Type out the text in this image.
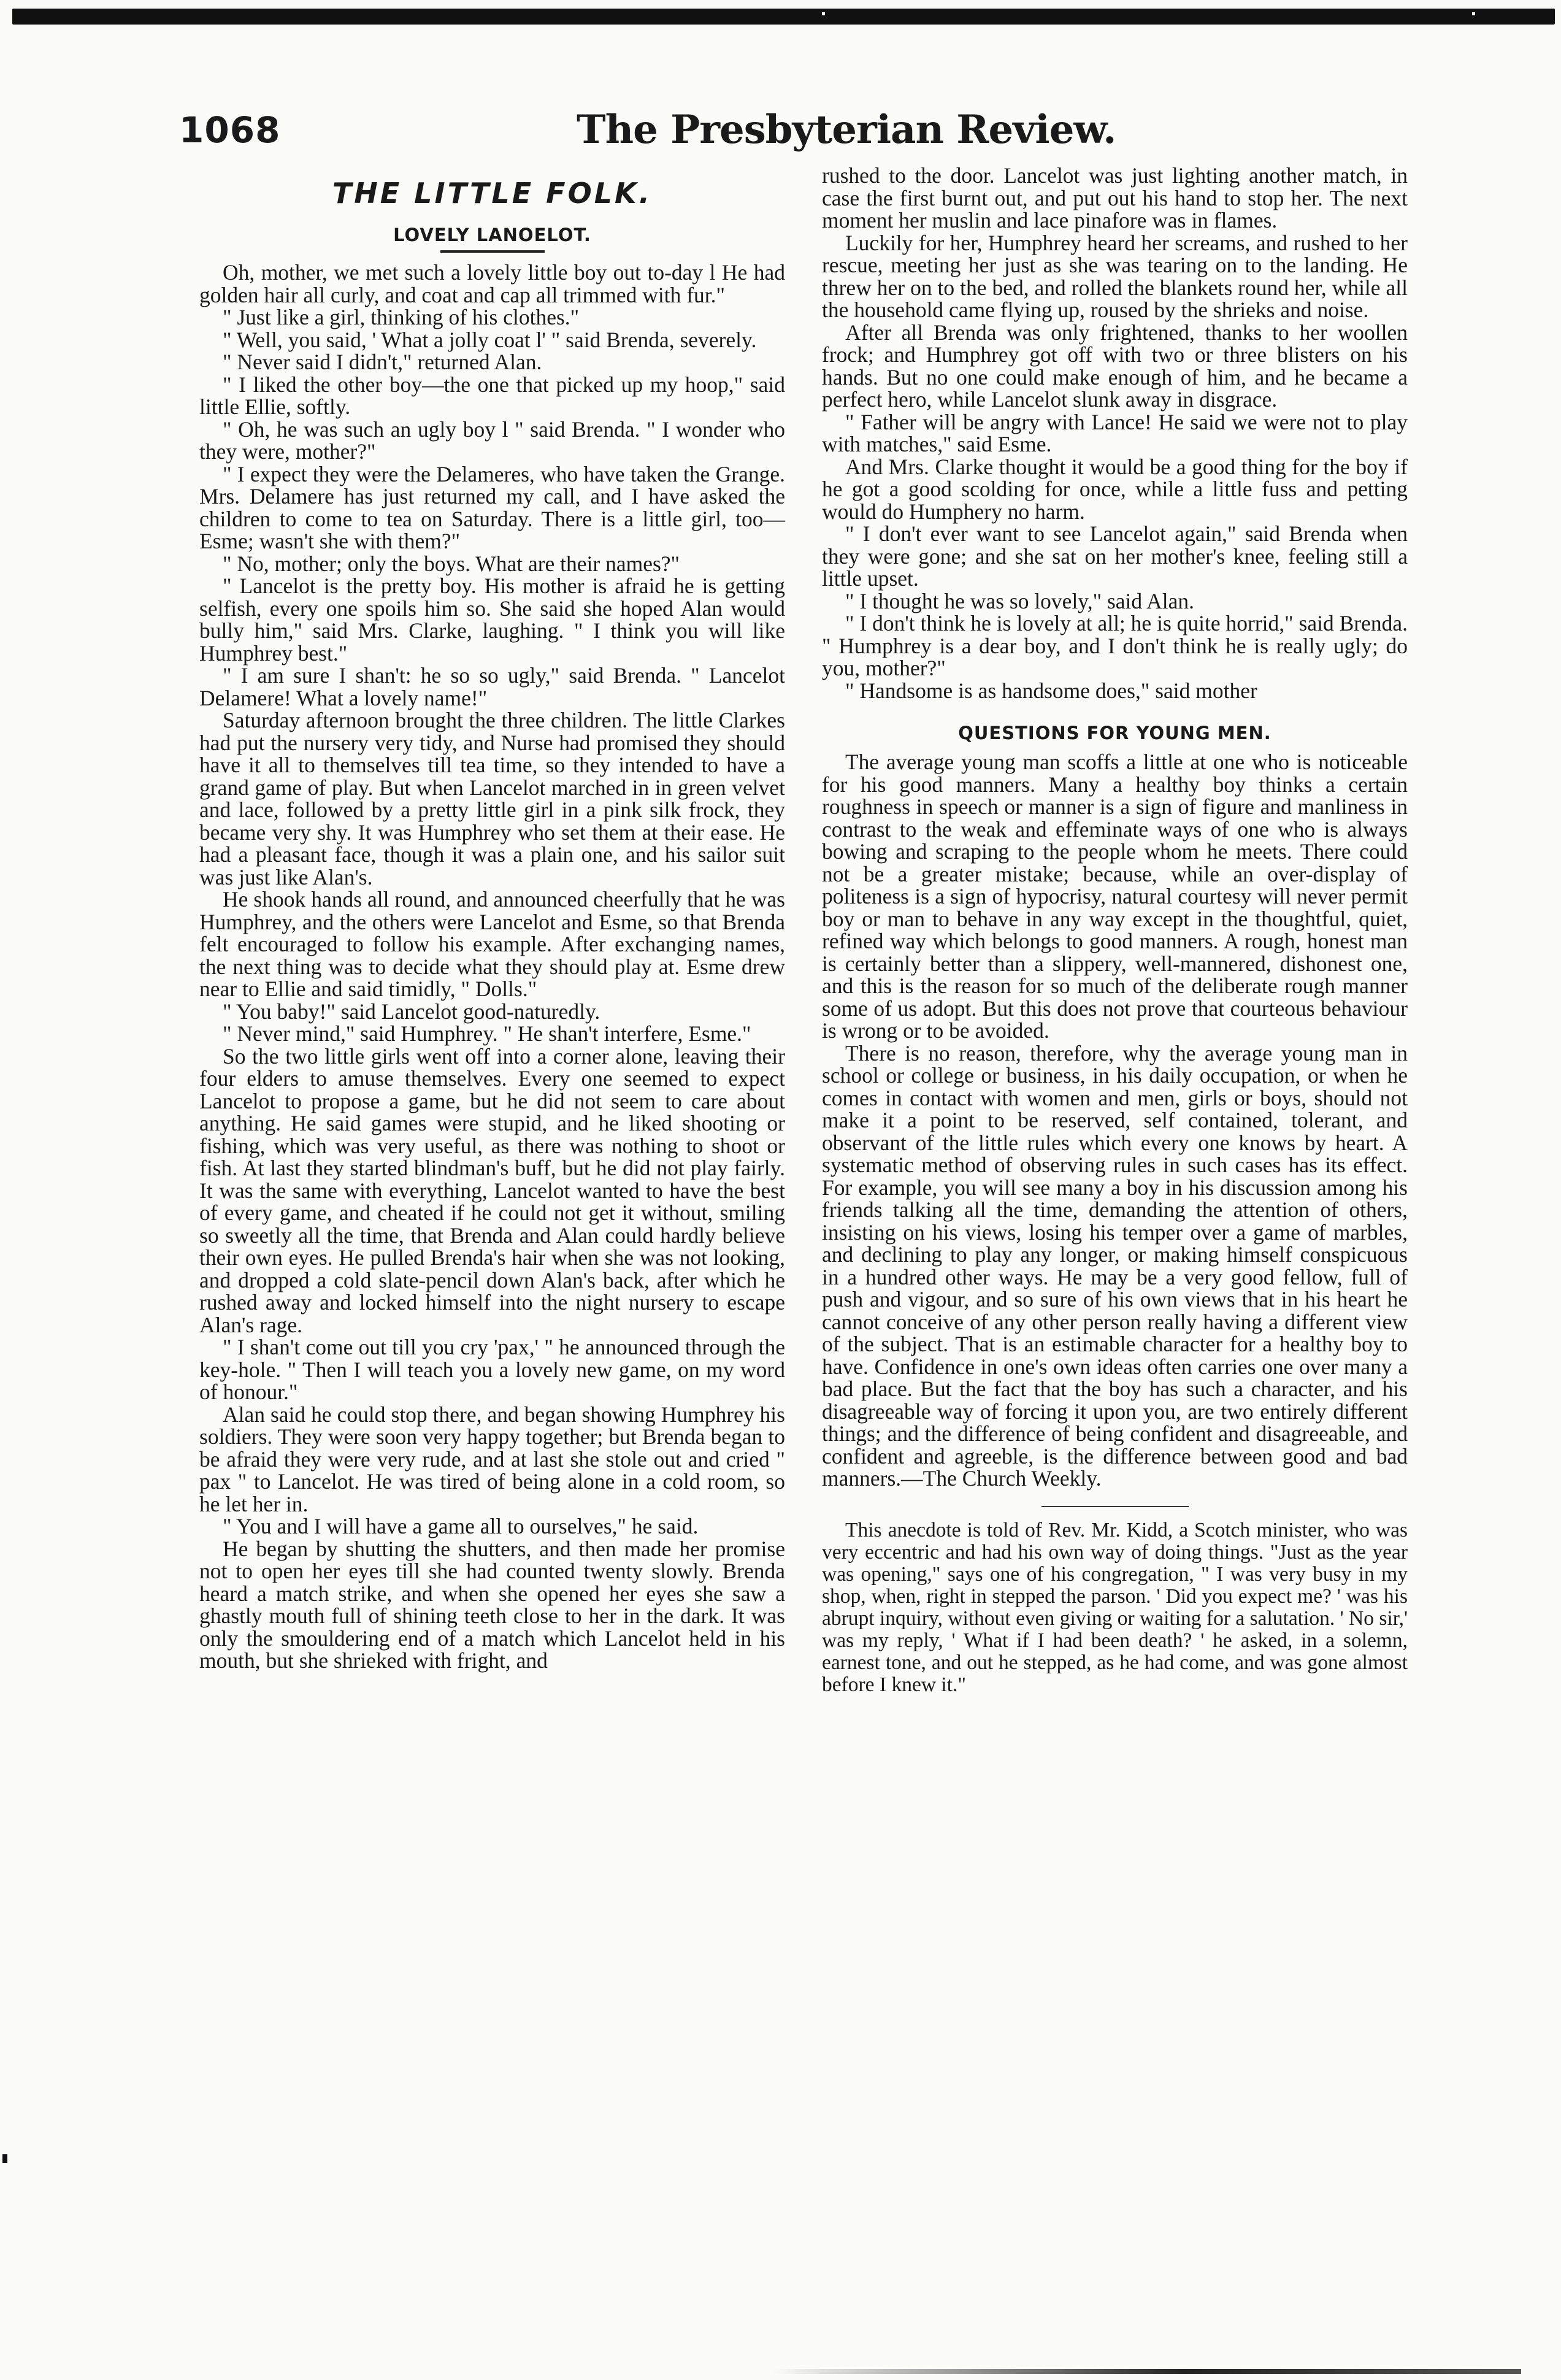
1068	The Presbyterian Review.
THE LITTLE FOLK.
LOVELY LANOELOT.

Oh, mother, we met such a lovely little boy out to-day l He had golden hair all curly, and coat and cap all trimmed with fur."

" Just like a girl, thinking of his clothes."

" Well, you said, ' What a jolly coat l' " said Brenda, severely.

" Never said I didn't," returned Alan.

" I liked the other boy—the one that picked up my hoop," said little Ellie, softly.

" Oh, he was such an ugly boy l " said Brenda. " I wonder who they were, mother?"

" I expect they were the Delameres, who have taken the Grange. Mrs. Delamere has just returned my call, and I have asked the children to come to tea on Saturday. There is a little girl, too—Esme; wasn't she with them?"

" No, mother; only the boys. What are their names?"

" Lancelot is the pretty boy. His mother is afraid he is getting selfish, every one spoils him so. She said she hoped Alan would bully him," said Mrs. Clarke, laughing. " I think you will like Humphrey best."

" I am sure I shan't: he so so ugly," said Brenda. " Lancelot Delamere! What a lovely name!"

Saturday afternoon brought the three children. The little Clarkes had put the nursery very tidy, and Nurse had promised they should have it all to themselves till tea time, so they intended to have a grand game of play. But when Lancelot marched in in green velvet and lace, followed by a pretty little girl in a pink silk frock, they became very shy. It was Humphrey who set them at their ease. He had a pleasant face, though it was a plain one, and his sailor suit was just like Alan's.

He shook hands all round, and announced cheerfully that he was Humphrey, and the others were Lancelot and Esme, so that Brenda felt encouraged to follow his example. After exchanging names, the next thing was to decide what they should play at. Esme drew near to Ellie and said timidly, " Dolls."

" You baby!" said Lancelot good-naturedly.

" Never mind," said Humphrey. " He shan't interfere, Esme."

So the two little girls went off into a corner alone, leaving their four elders to amuse themselves. Every one seemed to expect Lancelot to propose a game, but he did not seem to care about anything. He said games were stupid, and he liked shooting or fishing, which was very useful, as there was nothing to shoot or fish. At last they started blindman's buff, but he did not play fairly. It was the same with everything, Lancelot wanted to have the best of every game, and cheated if he could not get it without, smiling so sweetly all the time, that Brenda and Alan could hardly believe their own eyes. He pulled Brenda's hair when she was not looking, and dropped a cold slate-pencil down Alan's back, after which he rushed away and locked himself into the night nursery to escape Alan's rage.

" I shan't come out till you cry 'pax,' " he announced through the key-hole. " Then I will teach you a lovely new game, on my word of honour."

Alan said he could stop there, and began showing Humphrey his soldiers. They were soon very happy together; but Brenda began to be afraid they were very rude, and at last she stole out and cried " pax " to Lancelot. He was tired of being alone in a cold room, so he let her in.

" You and I will have a game all to ourselves," he said.

He began by shutting the shutters, and then made her promise not to open her eyes till she had counted twenty slowly. Brenda heard a match strike, and when she opened her eyes she saw a ghastly mouth full of shining teeth close to her in the dark. It was only the smouldering end of a match which Lancelot held in his mouth, but she shrieked with fright, and

rushed to the door. Lancelot was just lighting another match, in case the first burnt out, and put out his hand to stop her. The next moment her muslin and lace pinafore was in flames.

Luckily for her, Humphrey heard her screams, and rushed to her rescue, meeting her just as she was tearing on to the landing. He threw her on to the bed, and rolled the blankets round her, while all the household came flying up, roused by the shrieks and noise.

After all Brenda was only frightened, thanks to her woollen frock; and Humphrey got off with two or three blisters on his hands. But no one could make enough of him, and he became a perfect hero, while Lancelot slunk away in disgrace.

" Father will be angry with Lance! He said we were not to play with matches," said Esme.

And Mrs. Clarke thought it would be a good thing for the boy if he got a good scolding for once, while a little fuss and petting would do Humphery no harm.

" I don't ever want to see Lancelot again," said Brenda when they were gone; and she sat on her mother's knee, feeling still a little upset.

" I thought he was so lovely," said Alan.

" I don't think he is lovely at all; he is quite horrid," said Brenda. " Humphrey is a dear boy, and I don't think he is really ugly; do you, mother?"

" Handsome is as handsome does," said mother

QUESTIONS FOR YOUNG MEN.

The average young man scoffs a little at one who is noticeable for his good manners. Many a healthy boy thinks a certain roughness in speech or manner is a sign of figure and manliness in contrast to the weak and effeminate ways of one who is always bowing and scraping to the people whom he meets. There could not be a greater mistake; because, while an over-display of politeness is a sign of hypocrisy, natural courtesy will never permit boy or man to behave in any way except in the thoughtful, quiet, refined way which belongs to good manners. A rough, honest man is certainly better than a slippery, well-mannered, dishonest one, and this is the reason for so much of the deliberate rough manner some of us adopt. But this does not prove that courteous behaviour is wrong or to be avoided.

There is no reason, therefore, why the average young man in school or college or business, in his daily occupation, or when he comes in contact with women and men, girls or boys, should not make it a point to be reserved, self contained, tolerant, and observant of the little rules which every one knows by heart. A systematic method of observing rules in such cases has its effect. For example, you will see many a boy in his discussion among his friends talking all the time, demanding the attention of others, insisting on his views, losing his temper over a game of marbles, and declining to play any longer, or making himself conspicuous in a hundred other ways. He may be a very good fellow, full of push and vigour, and so sure of his own views that in his heart he cannot conceive of any other person really having a different view of the subject. That is an estimable character for a healthy boy to have. Confidence in one's own ideas often carries one over many a bad place. But the fact that the boy has such a character, and his disagreeable way of forcing it upon you, are two entirely different things; and the difference of being confident and disagreeable, and confident and agreeble, is the difference between good and bad manners.—The Church Weekly.

This anecdote is told of Rev. Mr. Kidd, a Scotch minister, who was very eccentric and had his own way of doing things. "Just as the year was opening," says one of his congregation, " I was very busy in my shop, when, right in stepped the parson. ' Did you expect me? ' was his abrupt inquiry, without even giving or waiting for a salutation. ' No sir,' was my reply, ' What if I had been death? ' he asked, in a solemn, earnest tone, and out he stepped, as he had come, and was gone almost before I knew it."
